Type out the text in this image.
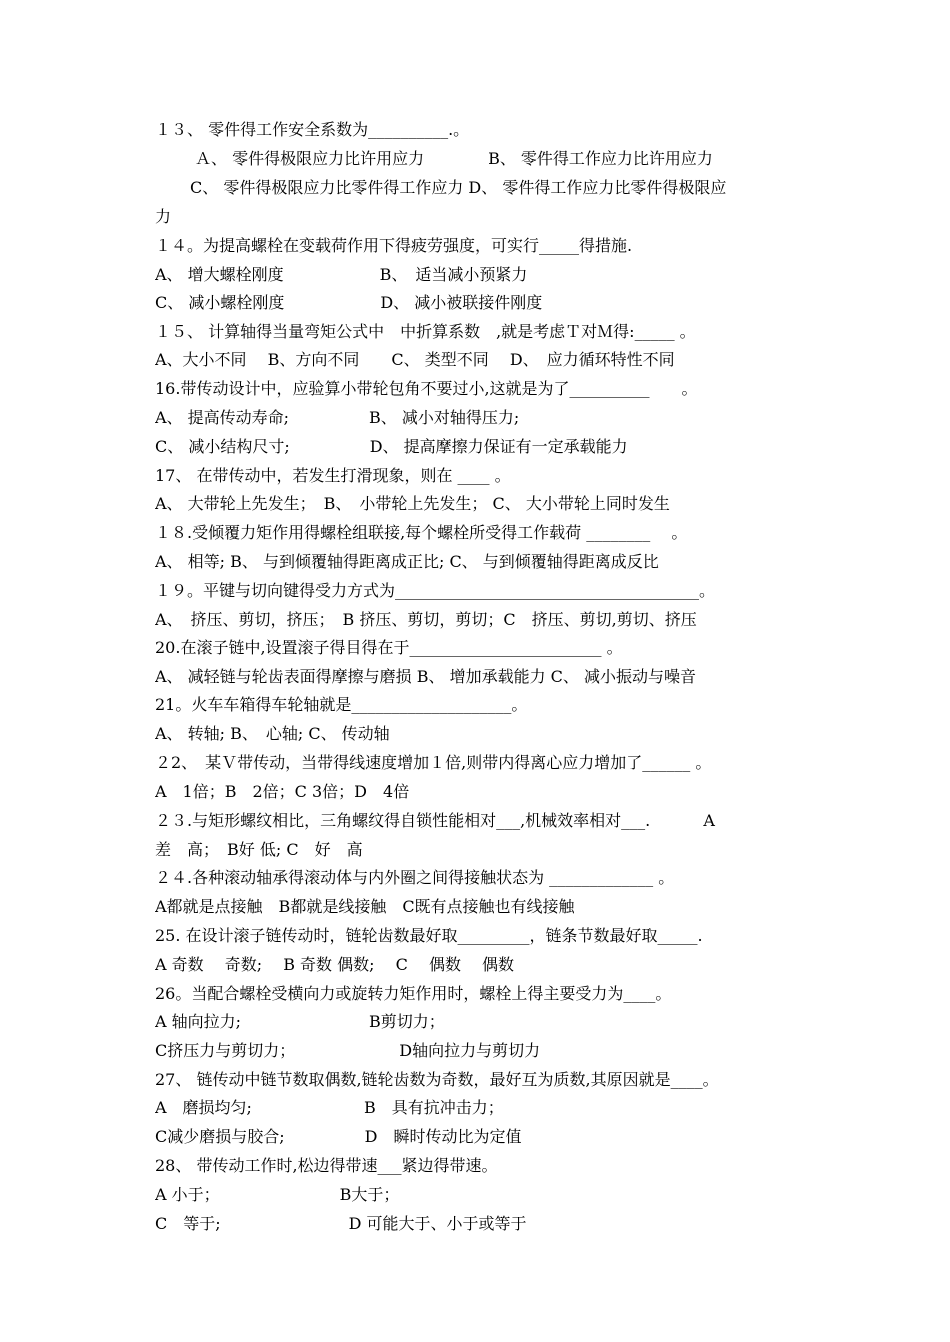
１３、 零件得工作安全系数为__________.。
Ａ、 零件得极限应力比许用应力　　　　B、 零件得工作应力比许用应力
C、 零件得极限应力比零件得工作应力 D、 零件得工作应力比零件得极限应
力
１４。为提高螺栓在变载荷作用下得疲劳强度，可实行_____得措施.
A、 增大螺栓刚度　　　　　　B、　适当减小预紧力
C、 减小螺栓刚度　　　　　　D、 减小被联接件刚度
１５、 计算轴得当量弯矩公式中　中折算系数　,就是考虑Ｔ对Ｍ得:_____ 。
A、大小不同　 B、方向不同　　C、 类型不同　 D、　应力循环特性不同
16.带传动设计中，应验算小带轮包角不要过小,这就是为了__________　　。
A、 提高传动寿命;　　　　　B、 减小对轴得压力;
C、 减小结构尺寸;　　　　　D、 提高摩擦力保证有一定承载能力
17、 在带传动中，若发生打滑现象，则在 ____ 。
A、 大带轮上先发生；　B、　小带轮上先发生； C、 大小带轮上同时发生
１８.受倾覆力矩作用得螺栓组联接,每个螺栓所受得工作载荷 ________　 。
A、 相等; B、 与到倾覆轴得距离成正比; C、 与到倾覆轴得距离成反比
１９。平键与切向键得受力方式为______________________________________。
A、　挤压、剪切，挤压；　B 挤压、剪切，剪切；C　挤压、剪切,剪切、挤压
20.在滚子链中,设置滚子得目得在于________________________ 。
A、 减轻链与轮齿表面得摩擦与磨损 B、 增加承载能力 C、 减小振动与噪音
21。火车车箱得车轮轴就是____________________。
A、 转轴; B、　心轴; C、 传动轴
２2、　某Ｖ带传动，当带得线速度增加１倍,则带内得离心应力增加了______ 。
A　1倍；B　2倍；C 3倍；D　4倍
２３.与矩形螺纹相比，三角螺纹得自锁性能相对___,机械效率相对___.　　　 A
差　高；　B好 低; C　好　高
２４.各种滚动轴承得滚动体与内外圈之间得接触状态为 _____________ 。
A都就是点接触　B都就是线接触　C既有点接触也有线接触
25. 在设计滚子链传动时，链轮齿数最好取_________，链条节数最好取_____.
A 奇数　 奇数;　 B 奇数 偶数;　 C　 偶数　 偶数
26。当配合螺栓受横向力或旋转力矩作用时，螺栓上得主要受力为____。
A 轴向拉力;　　　　　　　　B剪切力；
C挤压力与剪切力；　　　　　　　D轴向拉力与剪切力
27、 链传动中链节数取偶数,链轮齿数为奇数，最好互为质数,其原因就是____。
A　磨损均匀;　　　　　　　B　具有抗冲击力；
C减少磨损与胶合;　　　　　D　瞬时传动比为定值
28、 带传动工作时,松边得带速___紧边得带速。
A 小于；　　　　　　　　B大于；
C　等于;　　　　　　　　D 可能大于、小于或等于
